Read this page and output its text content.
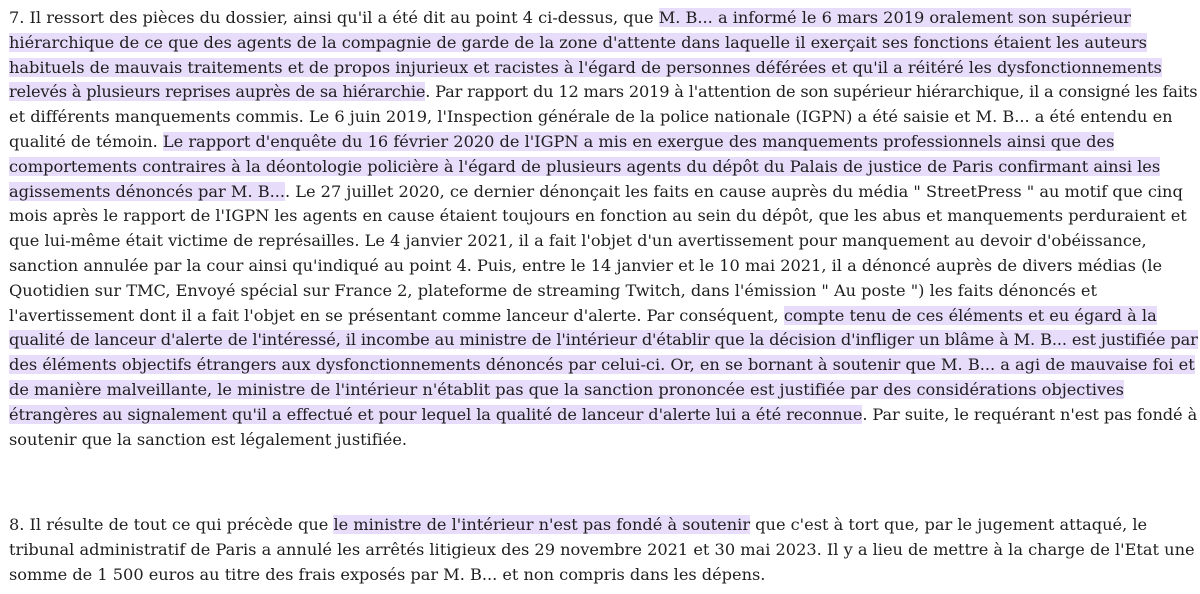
7. Il ressort des pièces du dossier, ainsi qu'il a été dit au point 4 ci-dessus, que M. B... a informé le 6 mars 2019 oralement son supérieur
hiérarchique de ce que des agents de la compagnie de garde de la zone d'attente dans laquelle il exerçait ses fonctions étaient les auteurs
habituels de mauvais traitements et de propos injurieux et racistes à l'égard de personnes déférées et qu'il a réitéré les dysfonctionnements
relevés à plusieurs reprises auprès de sa hiérarchie. Par rapport du 12 mars 2019 à l'attention de son supérieur hiérarchique, il a consigné les faits
et différents manquements commis. Le 6 juin 2019, l'Inspection générale de la police nationale (IGPN) a été saisie et M. B... a été entendu en
qualité de témoin. Le rapport d'enquête du 16 février 2020 de l'IGPN a mis en exergue des manquements professionnels ainsi que des
comportements contraires à la déontologie policière à l'égard de plusieurs agents du dépôt du Palais de justice de Paris confirmant ainsi les
agissements dénoncés par M. B.... Le 27 juillet 2020, ce dernier dénonçait les faits en cause auprès du média " StreetPress " au motif que cinq
mois après le rapport de l'IGPN les agents en cause étaient toujours en fonction au sein du dépôt, que les abus et manquements perduraient et
que lui-même était victime de représailles. Le 4 janvier 2021, il a fait l'objet d'un avertissement pour manquement au devoir d'obéissance,
sanction annulée par la cour ainsi qu'indiqué au point 4. Puis, entre le 14 janvier et le 10 mai 2021, il a dénoncé auprès de divers médias (le
Quotidien sur TMC, Envoyé spécial sur France 2, plateforme de streaming Twitch, dans l'émission " Au poste ") les faits dénoncés et
l'avertissement dont il a fait l'objet en se présentant comme lanceur d'alerte. Par conséquent, compte tenu de ces éléments et eu égard à la
qualité de lanceur d'alerte de l'intéressé, il incombe au ministre de l'intérieur d'établir que la décision d'infliger un blâme à M. B... est justifiée par
des éléments objectifs étrangers aux dysfonctionnements dénoncés par celui-ci. Or, en se bornant à soutenir que M. B... a agi de mauvaise foi et
de manière malveillante, le ministre de l'intérieur n'établit pas que la sanction prononcée est justifiée par des considérations objectives
étrangères au signalement qu'il a effectué et pour lequel la qualité de lanceur d'alerte lui a été reconnue. Par suite, le requérant n'est pas fondé à
soutenir que la sanction est légalement justifiée.
8. Il résulte de tout ce qui précède que le ministre de l'intérieur n'est pas fondé à soutenir que c'est à tort que, par le jugement attaqué, le
tribunal administratif de Paris a annulé les arrêtés litigieux des 29 novembre 2021 et 30 mai 2023. Il y a lieu de mettre à la charge de l'Etat une
somme de 1 500 euros au titre des frais exposés par M. B... et non compris dans les dépens.
